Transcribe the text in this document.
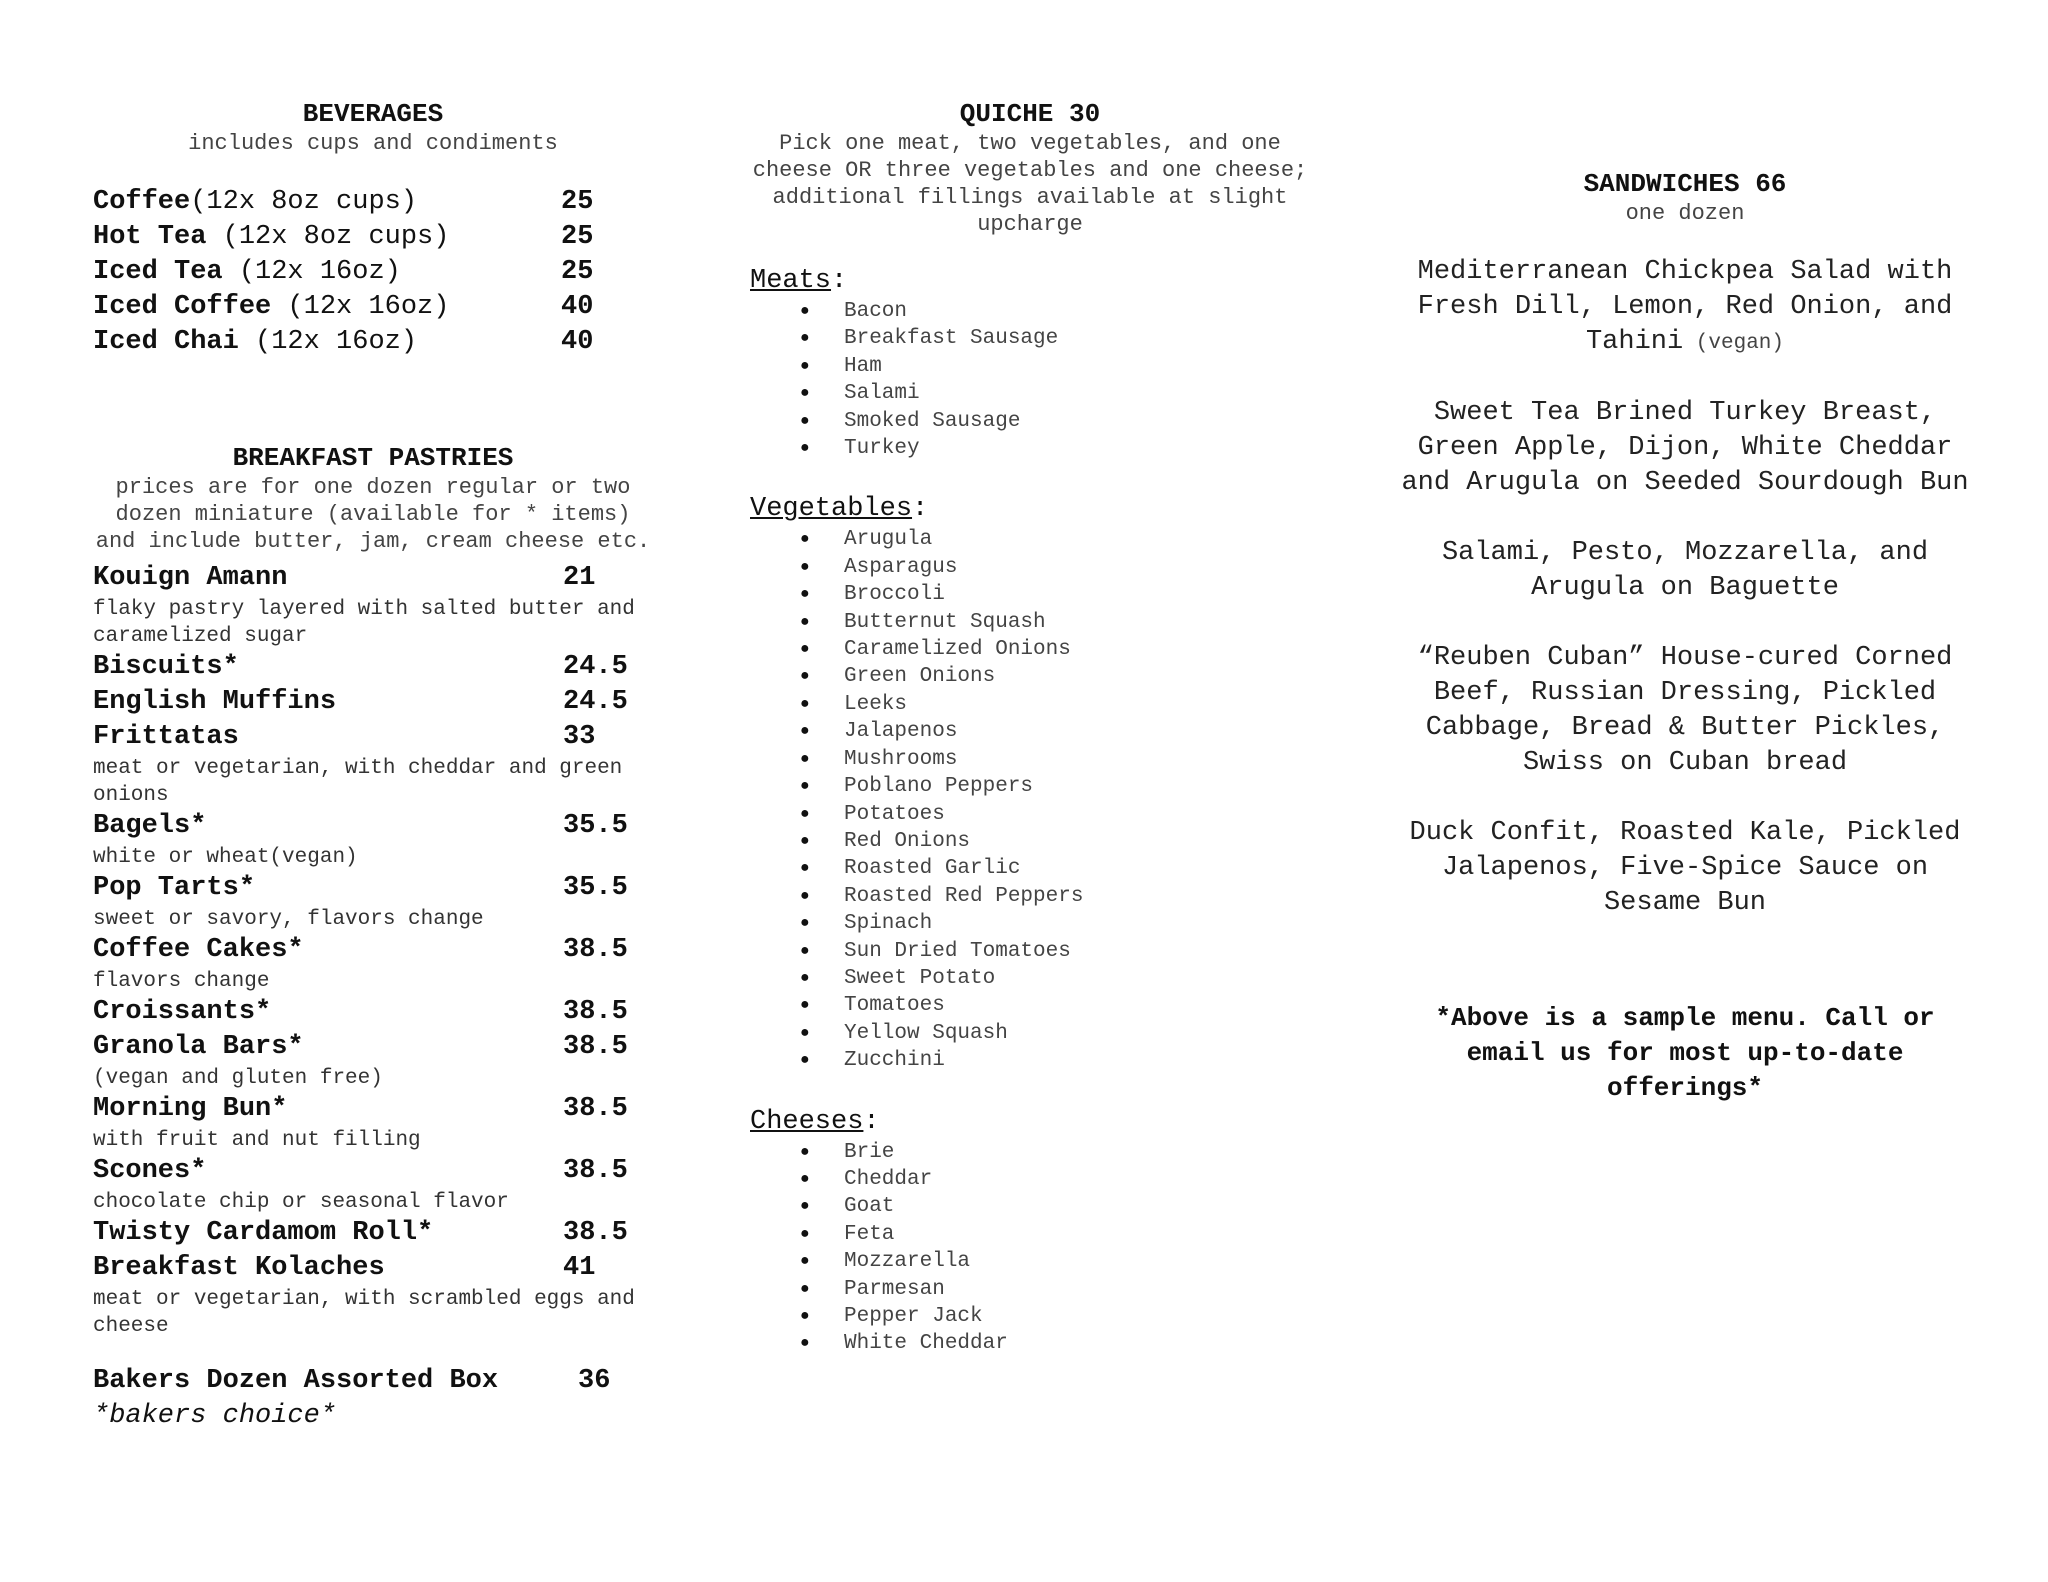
BEVERAGES
includes cups and condiments
Coffee(12x 8oz cups)	25
Hot Tea (12x 8oz cups)	25
Iced Tea (12x 16oz)	25
Iced Coffee (12x 16oz)	40
Iced Chai (12x 16oz)	40
BREAKFAST PASTRIES
prices are for one dozen regular or two dozen miniature (available for * items) and include butter, jam, cream cheese etc.
Kouign Amann	21
flaky pastry layered with salted butter and caramelized sugar
Biscuits*	24.5
English Muffins	24.5
Frittatas	33
meat or vegetarian, with cheddar and green onions
Bagels*	35.5
white or wheat(vegan)
Pop Tarts*	35.5
sweet or savory, flavors change
Coffee Cakes*	38.5
flavors change
Croissants*	38.5
Granola Bars*	38.5
(vegan and gluten free)
Morning Bun*	38.5
with fruit and nut filling
Scones*	38.5
chocolate chip or seasonal flavor
Twisty Cardamom Roll*	38.5
Breakfast Kolaches	41
meat or vegetarian, with scrambled eggs and cheese
Bakers Dozen Assorted Box	36
*bakers choice*
QUICHE 30
Pick one meat, two vegetables, and one cheese OR three vegetables and one cheese; additional fillings available at slight upcharge
Meats:
● Bacon
● Breakfast Sausage
● Ham
● Salami
● Smoked Sausage
● Turkey
Vegetables:
● Arugula
● Asparagus
● Broccoli
● Butternut Squash
● Caramelized Onions
● Green Onions
● Leeks
● Jalapenos
● Mushrooms
● Poblano Peppers
● Potatoes
● Red Onions
● Roasted Garlic
● Roasted Red Peppers
● Spinach
● Sun Dried Tomatoes
● Sweet Potato
● Tomatoes
● Yellow Squash
● Zucchini
Cheeses:
● Brie
● Cheddar
● Goat
● Feta
● Mozzarella
● Parmesan
● Pepper Jack
● White Cheddar
SANDWICHES 66
one dozen
Mediterranean Chickpea Salad with Fresh Dill, Lemon, Red Onion, and Tahini (vegan)
Sweet Tea Brined Turkey Breast, Green Apple, Dijon, White Cheddar and Arugula on Seeded Sourdough Bun
Salami, Pesto, Mozzarella, and Arugula on Baguette
“Reuben Cuban” House-cured Corned Beef, Russian Dressing, Pickled Cabbage, Bread & Butter Pickles, Swiss on Cuban bread
Duck Confit, Roasted Kale, Pickled Jalapenos, Five-Spice Sauce on Sesame Bun
*Above is a sample menu. Call or email us for most up-to-date offerings*
